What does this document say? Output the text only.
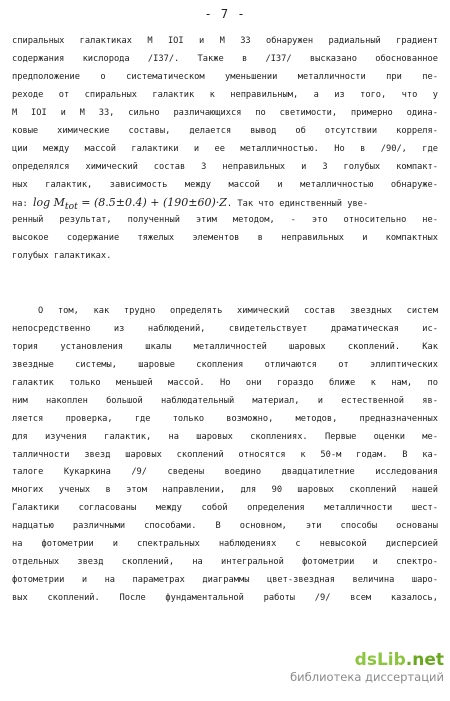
- 7 -
спиральных галактиках М IOI и М 33 обнаружен радиальный градиент
содержания кислорода /I37/. Также в /I37/ высказано обоснованное
предположение о систематическом уменьшении металличности при пе-
реходе от спиральных галактик к неправильным, а из того, что у
М IOI и М 33, сильно различающихся по светимости, примерно одина-
ковые химические составы, делается вывод об отсутствии корреля-
ции между массой галактики и ее металличностью. Но в /90/, где
определялся химический состав 3 неправильных и 3 голубых компакт-
ных галактик, зависимость между массой и металличностью обнаруже-
на: $\log M_{tot} = (8.5\pm 0.4) + (190\pm 60)\cdot Z$. Так что единственный уве-
ренный результат, полученный этим методом, - это относительно не-
высокое содержание тяжелых элементов в неправильных и компактных
голубых галактиках.
О том, как трудно определять химический состав звездных систем
непосредственно из наблюдений, свидетельствует драматическая ис-
тория установления шкалы металличностей шаровых скоплений. Как
звездные системы, шаровые скопления отличаются от эллиптических
галактик только меньшей массой. Но они гораздо ближе к нам, по
ним накоплен большой наблюдательный материал, и естественной яв-
ляется проверка, где только возможно, методов, предназначенных
для изучения галактик, на шаровых скоплениях. Первые оценки ме-
талличности звезд шаровых скоплений относятся к 50-м годам. В ка-
талоге Кукаркина /9/ сведены воедино двадцатилетние исследования
многих ученых в этом направлении, для 90 шаровых скоплений нашей
Галактики согласованы между собой определения металличности шест-
надцатью различными способами. В основном, эти способы основаны
на фотометрии и спектральных наблюдениях с невысокой дисперсией
отдельных звезд скоплений, на интегральной фотометрии и спектро-
фотометрии и на параметрах диаграммы цвет-звездная величина шаро-
вых скоплений. После фундаментальной работы /9/ всем казалось,
dsLib.net
библиотека диссертаций
